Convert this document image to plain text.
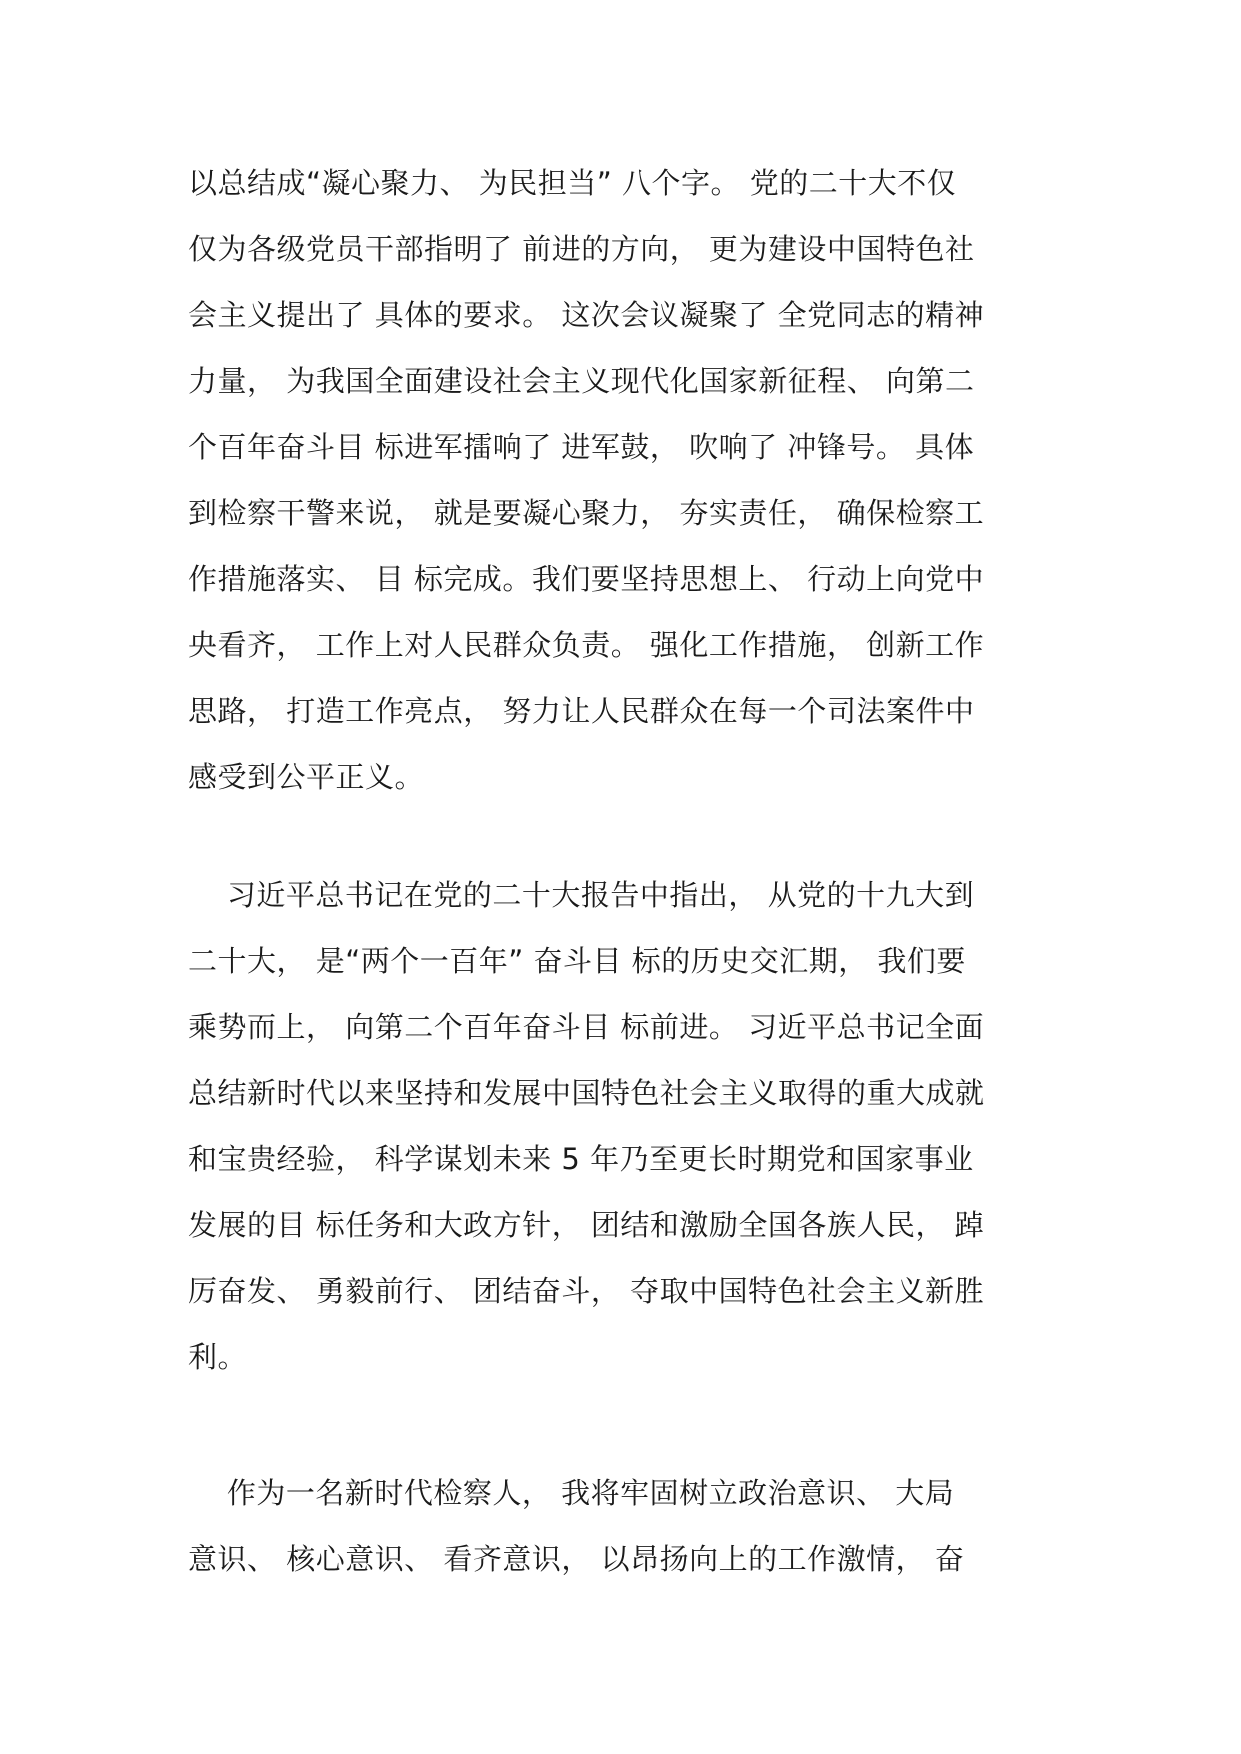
以总结成“凝心聚力、 为民担当” 八个字。 党的二十大不仅
仅为各级党员干部指明了 前进的方向， 更为建设中国特色社
会主义提出了 具体的要求。 这次会议凝聚了 全党同志的精神
力量， 为我国全面建设社会主义现代化国家新征程、 向第二
个百年奋斗目 标进军擂响了 进军鼓， 吹响了 冲锋号。 具体
到检察干警来说， 就是要凝心聚力， 夯实责任， 确保检察工
作措施落实、 目 标完成。我们要坚持思想上、 行动上向党中
央看齐， 工作上对人民群众负责。 强化工作措施， 创新工作
思路， 打造工作亮点， 努力让人民群众在每一个司法案件中
感受到公平正义。
习近平总书记在党的二十大报告中指出， 从党的十九大到
二十大， 是“两个一百年” 奋斗目 标的历史交汇期， 我们要
乘势而上， 向第二个百年奋斗目 标前进。 习近平总书记全面
总结新时代以来坚持和发展中国特色社会主义取得的重大成就
和宝贵经验， 科学谋划未来 5 年乃至更长时期党和国家事业
发展的目 标任务和大政方针， 团结和激励全国各族人民， 踔
厉奋发、 勇毅前行、 团结奋斗， 夺取中国特色社会主义新胜
利。
作为一名新时代检察人， 我将牢固树立政治意识、 大局
意识、 核心意识、 看齐意识， 以昂扬向上的工作激情， 奋
